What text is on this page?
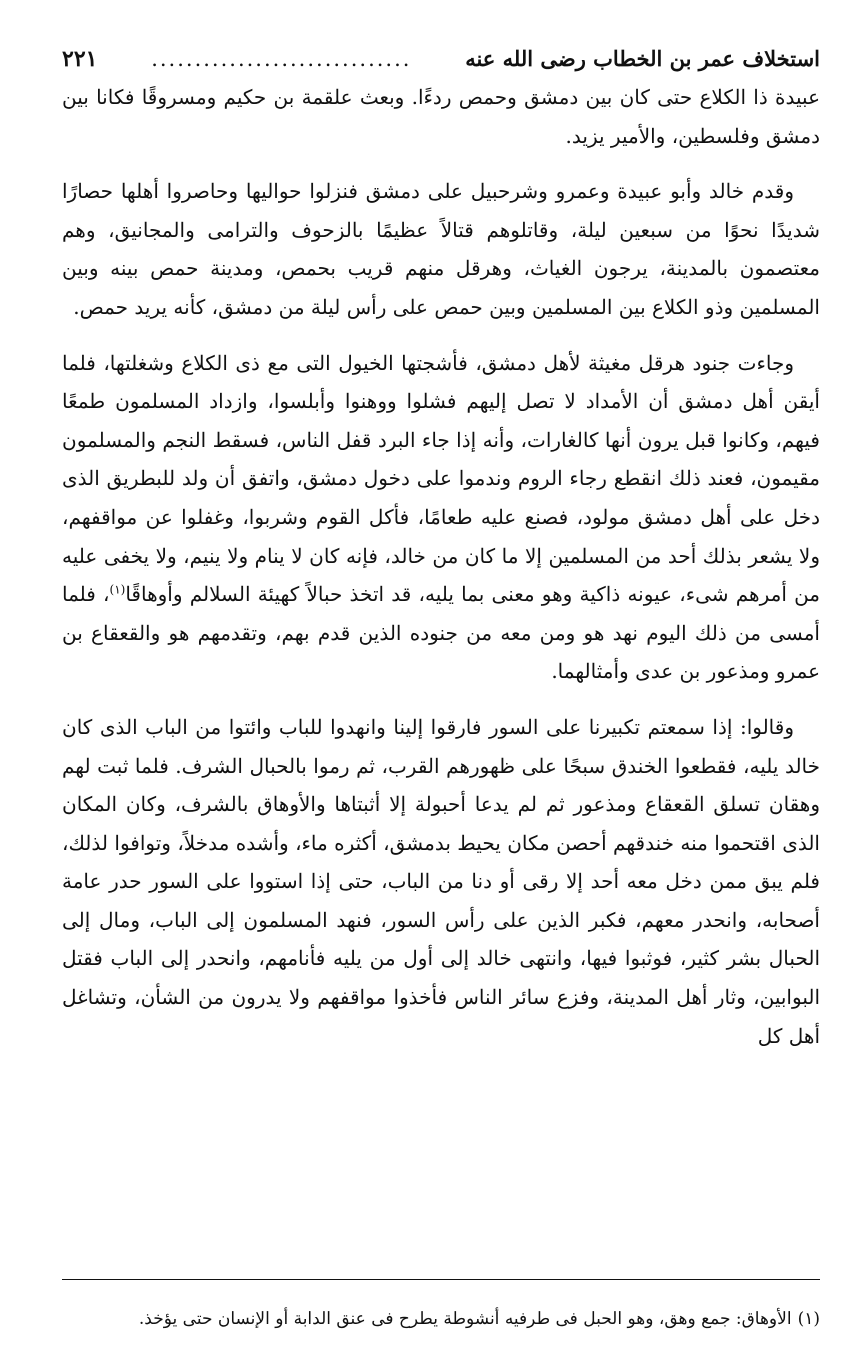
استخلاف عمر بن الخطاب رضى الله عنه
..............................
٢٢١

عبيدة ذا الكلاع حتى كان بين دمشق وحمص ردءًا. وبعث علقمة بن حكيم ومسروقًا فكانا بين دمشق وفلسطين، والأمير يزيد.

وقدم خالد وأبو عبيدة وعمرو وشرحبيل على دمشق فنزلوا حواليها وحاصروا أهلها حصارًا شديدًا نحوًا من سبعين ليلة، وقاتلوهم قتالاً عظيمًا بالزحوف والترامى والمجانيق، وهم معتصمون بالمدينة، يرجون الغياث، وهرقل منهم قريب بحمص، ومدينة حمص بينه وبين المسلمين وذو الكلاع بين المسلمين وبين حمص على رأس ليلة من دمشق، كأنه يريد حمص.

وجاءت جنود هرقل مغيثة لأهل دمشق، فأشجتها الخيول التى مع ذى الكلاع وشغلتها، فلما أيقن أهل دمشق أن الأمداد لا تصل إليهم فشلوا ووهنوا وأبلسوا، وازداد المسلمون طمعًا فيهم، وكانوا قبل يرون أنها كالغارات، وأنه إذا جاء البرد قفل الناس، فسقط النجم والمسلمون مقيمون، فعند ذلك انقطع رجاء الروم وندموا على دخول دمشق، واتفق أن ولد للبطريق الذى دخل على أهل دمشق مولود، فصنع عليه طعامًا، فأكل القوم وشربوا، وغفلوا عن مواقفهم، ولا يشعر بذلك أحد من المسلمين إلا ما كان من خالد، فإنه كان لا ينام ولا ينيم، ولا يخفى عليه من أمرهم شىء، عيونه ذاكية وهو معنى بما يليه، قد اتخذ حبالاً كهيئة السلالم وأوهاقًا$^{(١)}$، فلما أمسى من ذلك اليوم نهد هو ومن معه من جنوده الذين قدم بهم، وتقدمهم هو والقعقاع بن عمرو ومذعور بن عدى وأمثالهما.

وقالوا: إذا سمعتم تكبيرنا على السور فارقوا إلينا وانهدوا للباب وائتوا من الباب الذى كان خالد يليه، فقطعوا الخندق سبحًا على ظهورهم القرب، ثم رموا بالحبال الشرف. فلما ثبت لهم وهقان تسلق القعقاع ومذعور ثم لم يدعا أحبولة إلا أثبتاها والأوهاق بالشرف، وكان المكان الذى اقتحموا منه خندقهم أحصن مكان يحيط بدمشق، أكثره ماء، وأشده مدخلاً، وتوافوا لذلك، فلم يبق ممن دخل معه أحد إلا رقى أو دنا من الباب، حتى إذا استووا على السور حدر عامة أصحابه، وانحدر معهم، فكبر الذين على رأس السور، فنهد المسلمون إلى الباب، ومال إلى الحبال بشر كثير، فوثبوا فيها، وانتهى خالد إلى أول من يليه فأنامهم، وانحدر إلى الباب فقتل البوابين، وثار أهل المدينة، وفزع سائر الناس فأخذوا مواقفهم ولا يدرون من الشأن، وتشاغل أهل كل

(١)الأوهاق: جمع وهق، وهو الحبل فى طرفيه أنشوطة يطرح فى عنق الدابة أو الإنسان حتى يؤخذ.
